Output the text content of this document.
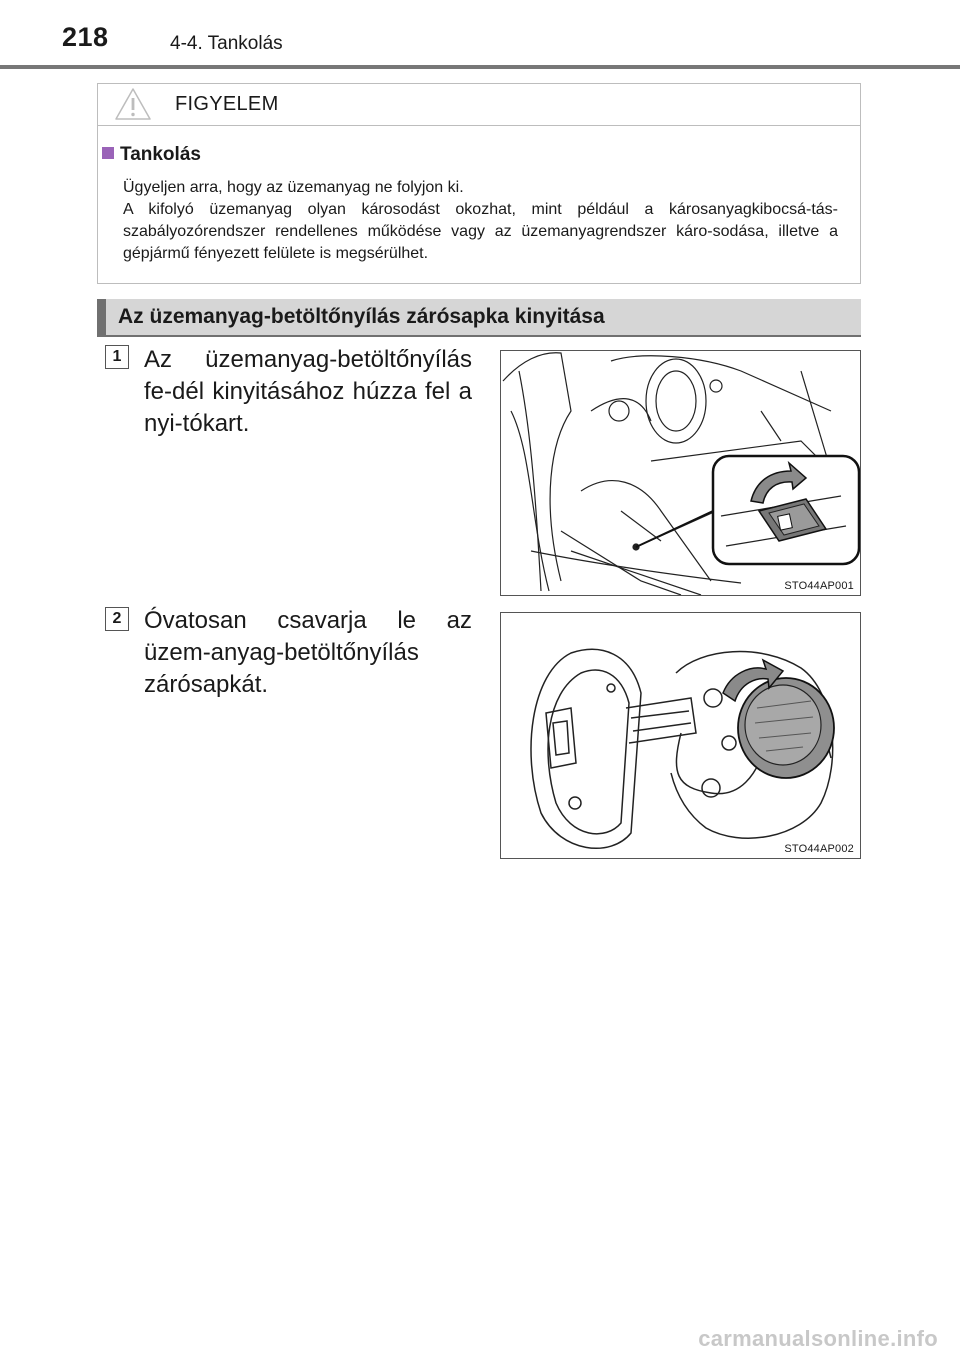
218	4-4. Tankolás
FIGYELEM
Tankolás

Ügyeljen arra, hogy az üzemanyag ne folyjon ki.

A kifolyó üzemanyag olyan károsodást okozhat, mint például a károsanyagkibocsá-tás-szabályozórendszer rendellenes működése vagy az üzemanyagrendszer káro-sodása, illetve a gépjármű fényezett felülete is megsérülhet.

Az üzemanyag-betöltőnyílás zárósapka kinyitása
1 Az üzemanyag-betöltőnyílás fe-dél kinyitásához húzza fel a nyi-tókart.
STO44AP001
2 Óvatosan csavarja le az üzem-anyag-betöltőnyílás zárósapkát.
STO44AP002
carmanualsonline.info
